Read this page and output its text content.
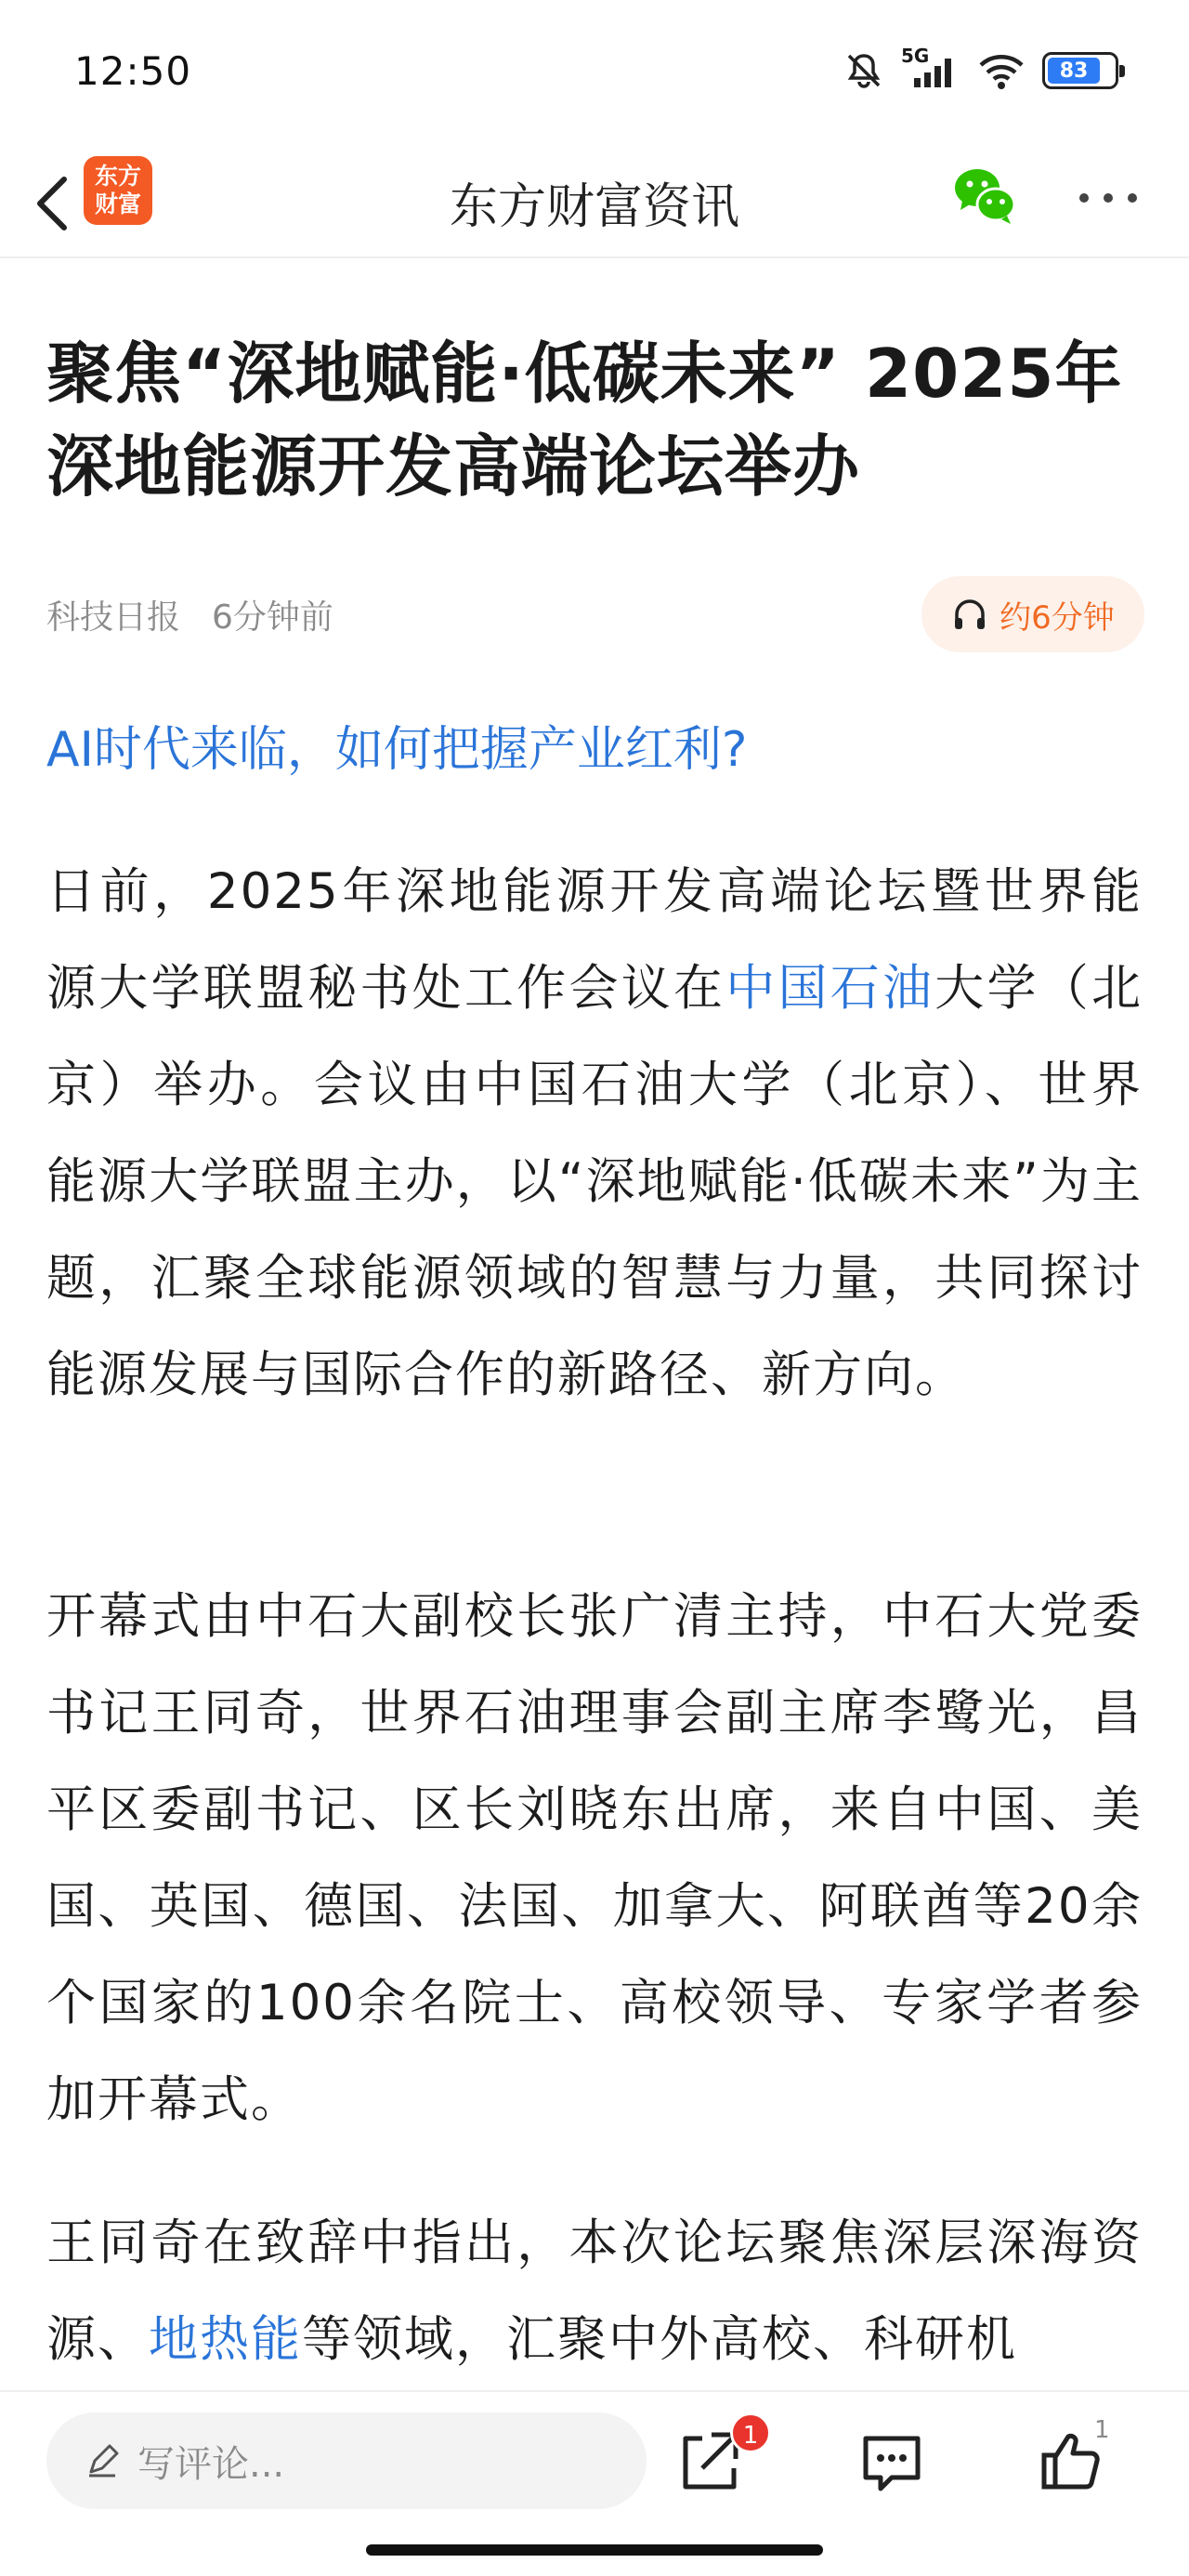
12:50	5G
83
东方财富	东方财富资讯
聚焦“深地赋能·低碳未来” 2025年深地能源开发高端论坛举办
科技日报 6分钟前	约6分钟
AI时代来临，如何把握产业红利?

日前，2025年深地能源开发高端论坛暨世界能源大学联盟秘书处工作会议在中国石油大学（北京）举办。会议由中国石油大学（北京）、世界能源大学联盟主办，以“深地赋能·低碳未来”为主题，汇聚全球能源领域的智慧与力量，共同探讨能源发展与国际合作的新路径、新方向。

开幕式由中石大副校长张广清主持，中石大党委书记王同奇，世界石油理事会副主席李鹭光，昌平区委副书记、区长刘晓东出席，来自中国、美国、英国、德国、法国、加拿大、阿联酋等20余个国家的100余名院士、高校领导、专家学者参加开幕式。

王同奇在致辞中指出，本次论坛聚焦深层深海资源、地热能等领域，汇聚中外高校、科研机

写评论...
1	1
